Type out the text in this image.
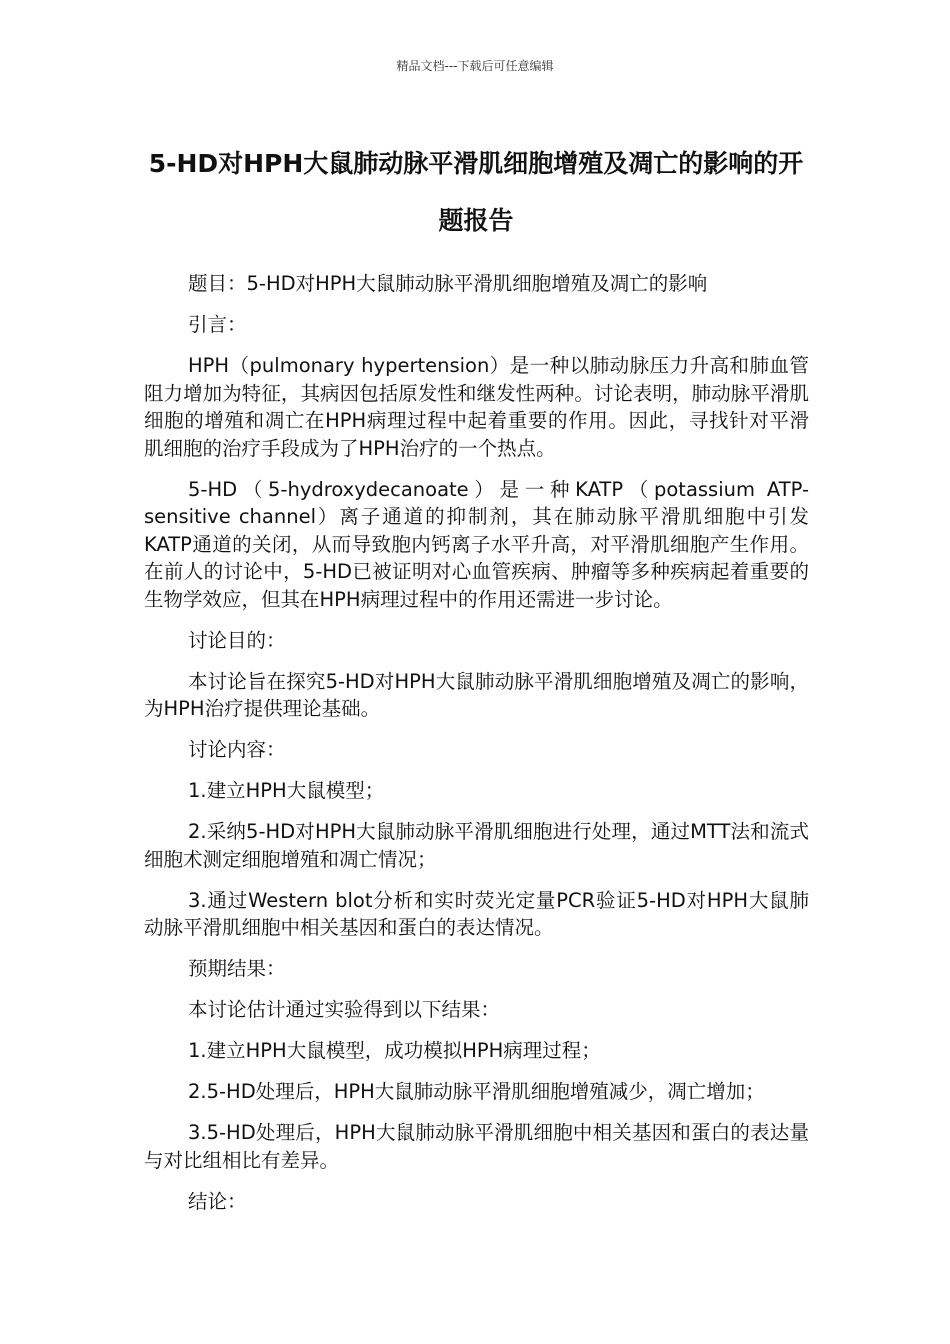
精品文档---下载后可任意编辑
5-HD对HPH大鼠肺动脉平滑肌细胞增殖及凋亡的影响的开题报告

题目：5-HD对HPH大鼠肺动脉平滑肌细胞增殖及凋亡的影响

引言：

HPH（pulmonary hypertension）是一种以肺动脉压力升高和肺血管阻力增加为特征，其病因包括原发性和继发性两种。讨论表明，肺动脉平滑肌细胞的增殖和凋亡在HPH病理过程中起着重要的作用。因此，寻找针对平滑肌细胞的治疗手段成为了HPH治疗的一个热点。

5-HD（5-hydroxydecanoate）是一种KATP（potassium ATP-sensitive channel）离子通道的抑制剂，其在肺动脉平滑肌细胞中引发KATP通道的关闭，从而导致胞内钙离子水平升高，对平滑肌细胞产生作用。在前人的讨论中，5-HD已被证明对心血管疾病、肿瘤等多种疾病起着重要的生物学效应，但其在HPH病理过程中的作用还需进一步讨论。

讨论目的：

本讨论旨在探究5-HD对HPH大鼠肺动脉平滑肌细胞增殖及凋亡的影响，为HPH治疗提供理论基础。

讨论内容：

1.建立HPH大鼠模型；

2.采纳5-HD对HPH大鼠肺动脉平滑肌细胞进行处理，通过MTT法和流式细胞术测定细胞增殖和凋亡情况；

3.通过Western blot分析和实时荧光定量PCR验证5-HD对HPH大鼠肺动脉平滑肌细胞中相关基因和蛋白的表达情况。

预期结果：

本讨论估计通过实验得到以下结果：

1.建立HPH大鼠模型，成功模拟HPH病理过程；

2.5-HD处理后，HPH大鼠肺动脉平滑肌细胞增殖减少，凋亡增加；

3.5-HD处理后，HPH大鼠肺动脉平滑肌细胞中相关基因和蛋白的表达量与对比组相比有差异。

结论：
